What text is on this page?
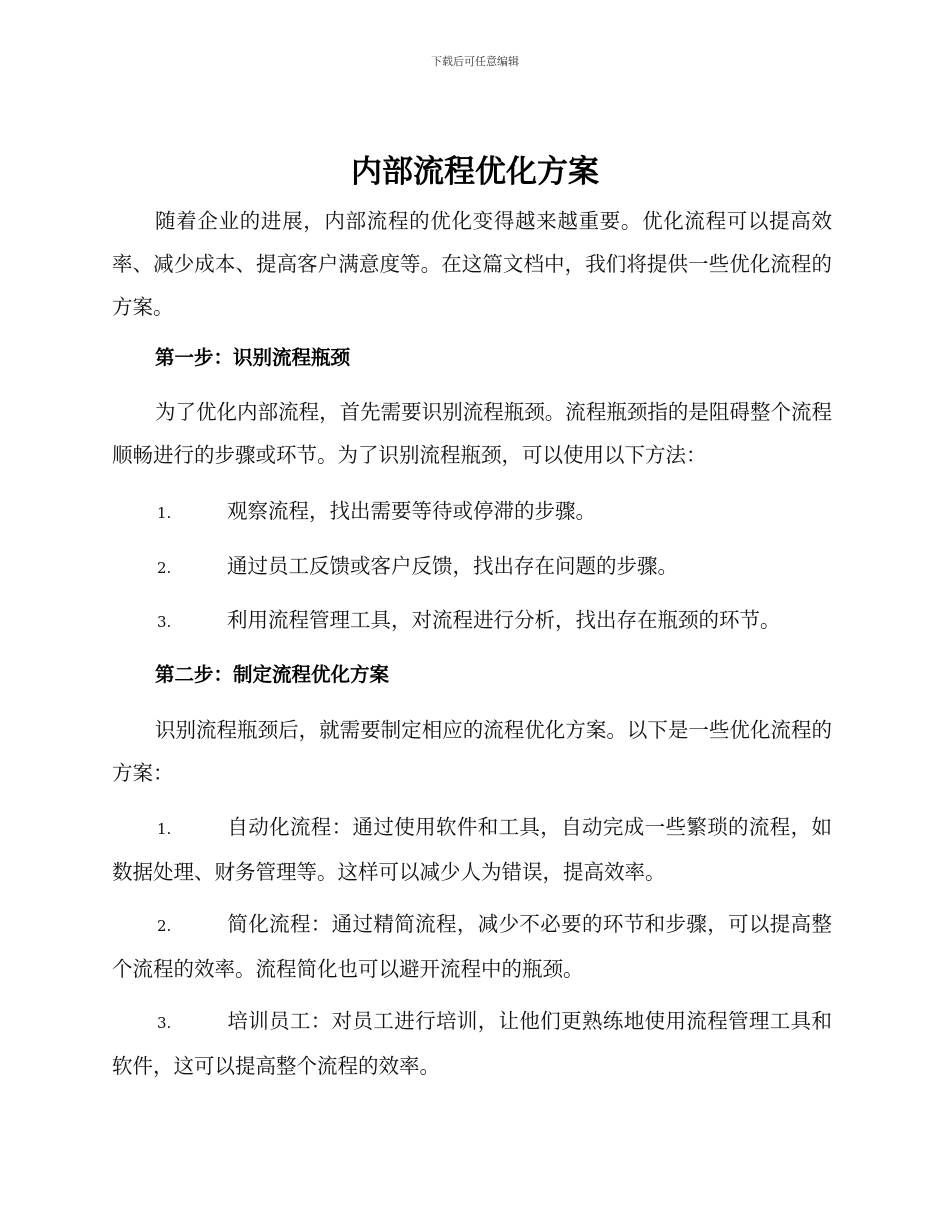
下载后可任意编辑
内部流程优化方案

随着企业的进展，内部流程的优化变得越来越重要。优化流程可以提高效率、减少成本、提高客户满意度等。在这篇文档中，我们将提供一些优化流程的方案。

第一步：识别流程瓶颈

为了优化内部流程，首先需要识别流程瓶颈。流程瓶颈指的是阻碍整个流程顺畅进行的步骤或环节。为了识别流程瓶颈，可以使用以下方法：

1.	观察流程，找出需要等待或停滞的步骤。

2.	通过员工反馈或客户反馈，找出存在问题的步骤。

3.	利用流程管理工具，对流程进行分析，找出存在瓶颈的环节。

第二步：制定流程优化方案

识别流程瓶颈后，就需要制定相应的流程优化方案。以下是一些优化流程的方案：

1.	自动化流程：通过使用软件和工具，自动完成一些繁琐的流程，如数据处理、财务管理等。这样可以减少人为错误，提高效率。

2.	简化流程：通过精简流程，减少不必要的环节和步骤，可以提高整个流程的效率。流程简化也可以避开流程中的瓶颈。

3.	培训员工：对员工进行培训，让他们更熟练地使用流程管理工具和软件，这可以提高整个流程的效率。
